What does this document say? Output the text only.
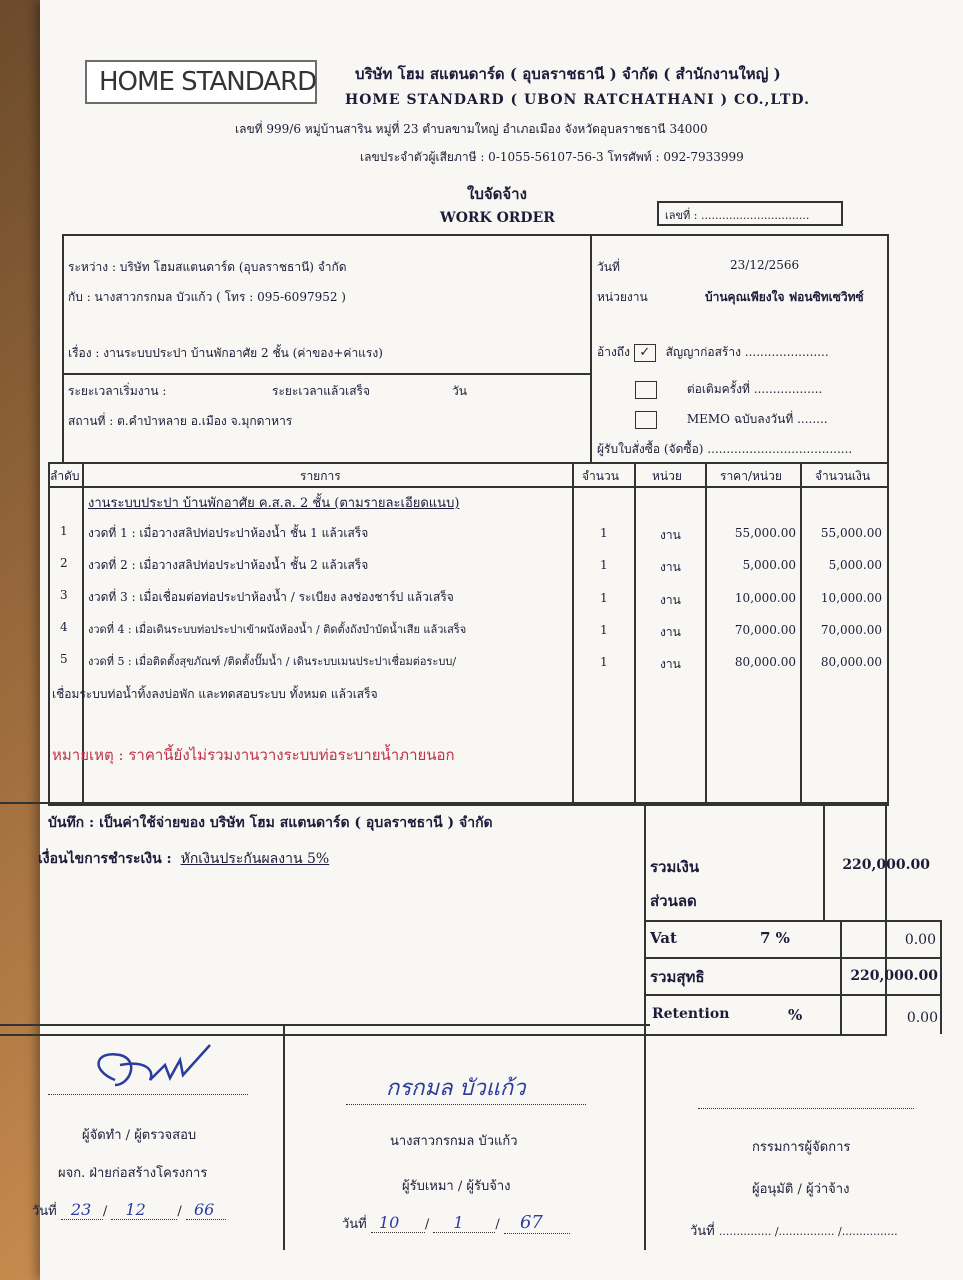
HOME STANDARD	บริษัท โฮม สแตนดาร์ด ( อุบลราชธานี ) จำกัด ( สำนักงานใหญ่ )
HOME STANDARD ( UBON RATCHATHANI ) CO.,LTD.
เลขที่ 999/6 หมู่บ้านสาริน หมู่ที่ 23 ตำบลขามใหญ่ อำเภอเมือง จังหวัดอุบลราชธานี 34000
เลขประจำตัวผู้เสียภาษี : 0-1055-56107-56-3 โทรศัพท์ : 092-7933999
ใบจัดจ้าง
WORK ORDER	เลขที่ : ...............................
ระหว่าง : บริษัท โฮมสแตนดาร์ด (อุบลราชธานี) จำกัด
กับ : นางสาวกรกมล บัวแก้ว ( โทร : 095-6097952 )
เรื่อง : งานระบบประปา บ้านพักอาศัย 2 ชั้น (ค่าของ+ค่าแรง)
ระยะเวลาเริ่มงาน :	ระยะเวลาแล้วเสร็จ	วัน
สถานที่ : ต.คำป่าหลาย อ.เมือง จ.มุกดาหาร
วันที่	23/12/2566
หน่วยงาน	บ้านคุณเพียงใจ ฟอนซิทเซวิทซ์
อ้างถึง ✓ สัญญาก่อสร้าง ......................
ต่อเติมครั้งที่ ..................
MEMO ฉบับลงวันที่ ........
ผู้รับใบสั่งซื้อ (จัดซื้อ) ......................................
ลำดับ	รายการ	จำนวน	หน่วย	ราคา/หน่วย	จำนวนเงิน
งานระบบประปา บ้านพักอาศัย ค.ส.ล. 2 ชั้น (ตามรายละเอียดแนบ)
1 งวดที่ 1 : เมื่อวางสลิปท่อประปาห้องน้ำ ชั้น 1 แล้วเสร็จ	1	งาน	55,000.00	55,000.00
2 งวดที่ 2 : เมื่อวางสลิปท่อประปาห้องน้ำ ชั้น 2 แล้วเสร็จ	1	งาน	5,000.00	5,000.00
3 งวดที่ 3 : เมื่อเชื่อมต่อท่อประปาห้องน้ำ / ระเบียง ลงช่องชาร์ป แล้วเสร็จ	1	งาน	10,000.00	10,000.00
4 งวดที่ 4 : เมื่อเดินระบบท่อประปาเข้าผนังห้องน้ำ / ติดตั้งถังบำบัดน้ำเสีย แล้วเสร็จ	1	งาน	70,000.00	70,000.00
5 งวดที่ 5 : เมื่อติดตั้งสุขภัณฑ์ /ติดตั้งปั๊มน้ำ / เดินระบบเมนประปาเชื่อมต่อระบบ/	1	งาน	80,000.00	80,000.00
เชื่อมระบบท่อน้ำทิ้งลงบ่อพัก และทดสอบระบบ ทั้งหมด แล้วเสร็จ
หมายเหตุ : ราคานี้ยังไม่รวมงานวางระบบท่อระบายน้ำภายนอก
บันทึก : เป็นค่าใช้จ่ายของ บริษัท โฮม สแตนดาร์ด ( อุบลราชธานี ) จำกัด
เงื่อนไขการชำระเงิน : หักเงินประกันผลงาน 5%	รวมเงิน	220,000.00
ส่วนลด
Vat	7 %	0.00
รวมสุทธิ	220,000.00
Retention	%	0.00
ผู้จัดทำ / ผู้ตรวจสอบ
ผจก. ฝ่ายก่อสร้างโครงการ
วันที่ 23 / 12 / 66
กรกมล บัวแก้ว
นางสาวกรกมล บัวแก้ว
ผู้รับเหมา / ผู้รับจ้าง
วันที่ 10 / 1 / 67
กรรมการผู้จัดการ
ผู้อนุมัติ / ผู้ว่าจ้าง
วันที่ ............... /................ /................
